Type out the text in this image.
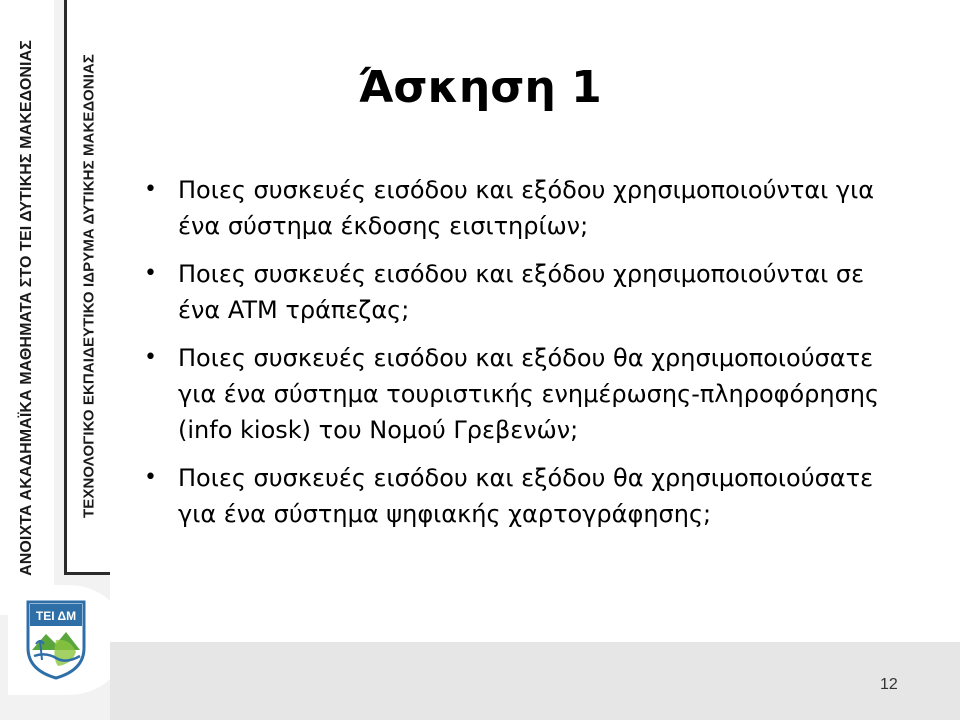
ΑΝΟΙΧΤΑ ΑΚΑΔΗΜΑΪΚΑ ΜΑΘΗΜΑΤΑ ΣΤΟ ΤΕΙ ΔΥΤΙΚΗΣ ΜΑΚΕΔΟΝΙΑΣ	ΤΕΧΝΟΛΟΓΙΚΟ ΕΚΠΑΙΔΕΥΤΙΚΟ ΙΔΡΥΜΑ ΔΥΤΙΚΗΣ ΜΑΚΕΔΟΝΙΑΣ
ΤΕΙ ΔΜ
Άσκηση 1
• Ποιες συσκευές εισόδου και εξόδου χρησιμοποιούνται για ένα σύστημα έκδοσης εισιτηρίων;
• Ποιες συσκευές εισόδου και εξόδου χρησιμοποιούνται σε ένα ATM τράπεζας;
• Ποιες συσκευές εισόδου και εξόδου θα χρησιμοποιούσατε για ένα σύστημα τουριστικής ενημέρωσης-πληροφόρησης (info kiosk) του Νομού Γρεβενών;
• Ποιες συσκευές εισόδου και εξόδου θα χρησιμοποιούσατε για ένα σύστημα ψηφιακής χαρτογράφησης;
12
